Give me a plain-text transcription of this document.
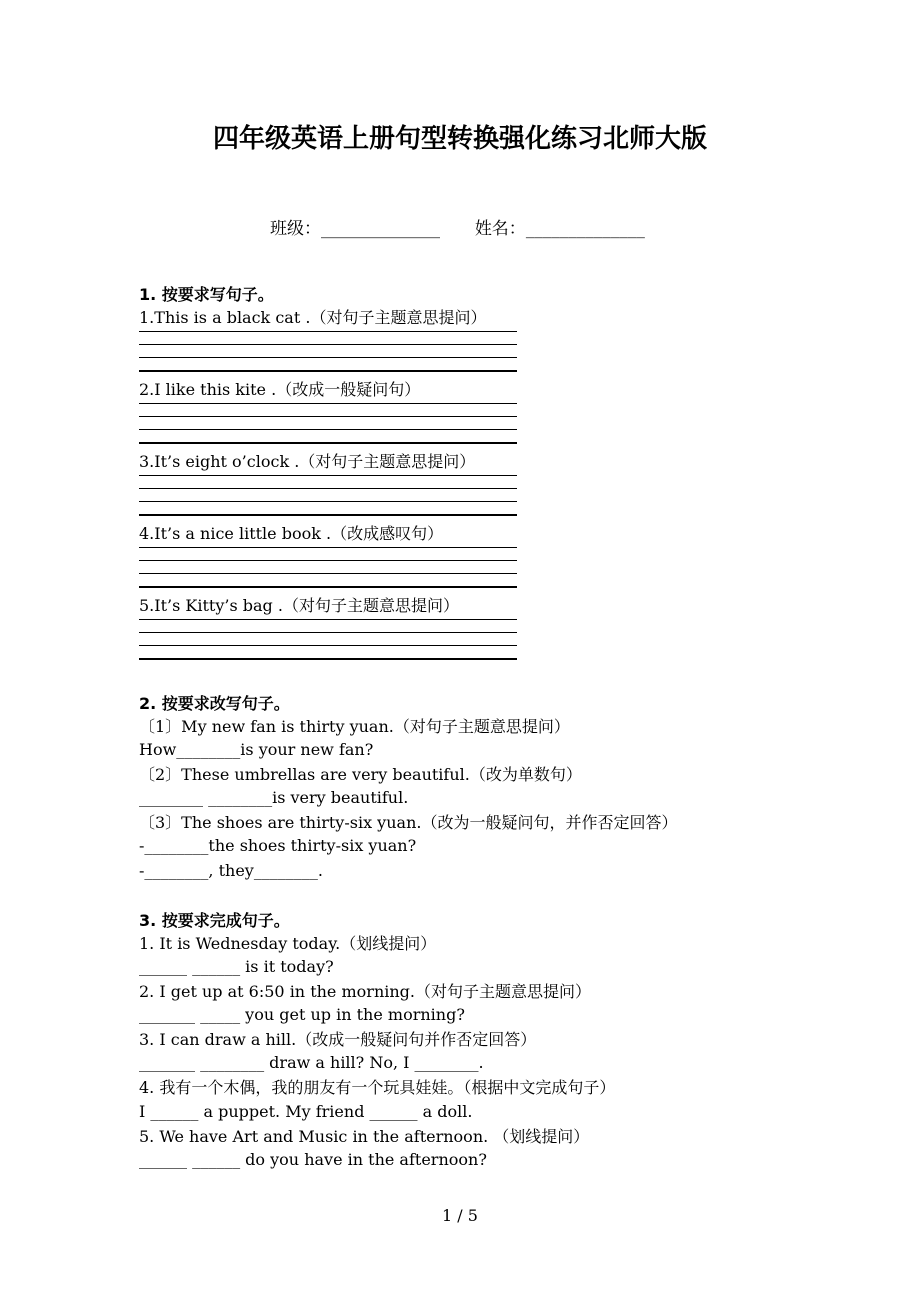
四年级英语上册句型转换强化练习北师大版
班级：______________ 姓名：______________
1. 按要求写句子。
1.This is a black cat .（对句子主题意思提问）
2.I like this kite .（改成一般疑问句）
3.It’s eight o’clock .（对句子主题意思提问）
4.It’s a nice little book .（改成感叹句）
5.It’s Kitty’s bag .（对句子主题意思提问）
2. 按要求改写句子。
〔1〕My new fan is thirty yuan.（对句子主题意思提问）
How________is your new fan?
〔2〕These umbrellas are very beautiful.（改为单数句）
________ ________is very beautiful.
〔3〕The shoes are thirty-six yuan.（改为一般疑问句，并作否定回答）
-________the shoes thirty-six yuan?
-________, they________.
3. 按要求完成句子。
1. It is Wednesday today.（划线提问）
______ ______ is it today?
2. I get up at 6:50 in the morning.（对句子主题意思提问）
_______ _____ you get up in the morning?
3. I can draw a hill.（改成一般疑问句并作否定回答）
_______ ________ draw a hill? No, I ________.
4. 我有一个木偶，我的朋友有一个玩具娃娃。（根据中文完成句子）
I ______ a puppet. My friend ______ a doll.
5. We have Art and Music in the afternoon. （划线提问）
______ ______ do you have in the afternoon?
1 / 5
